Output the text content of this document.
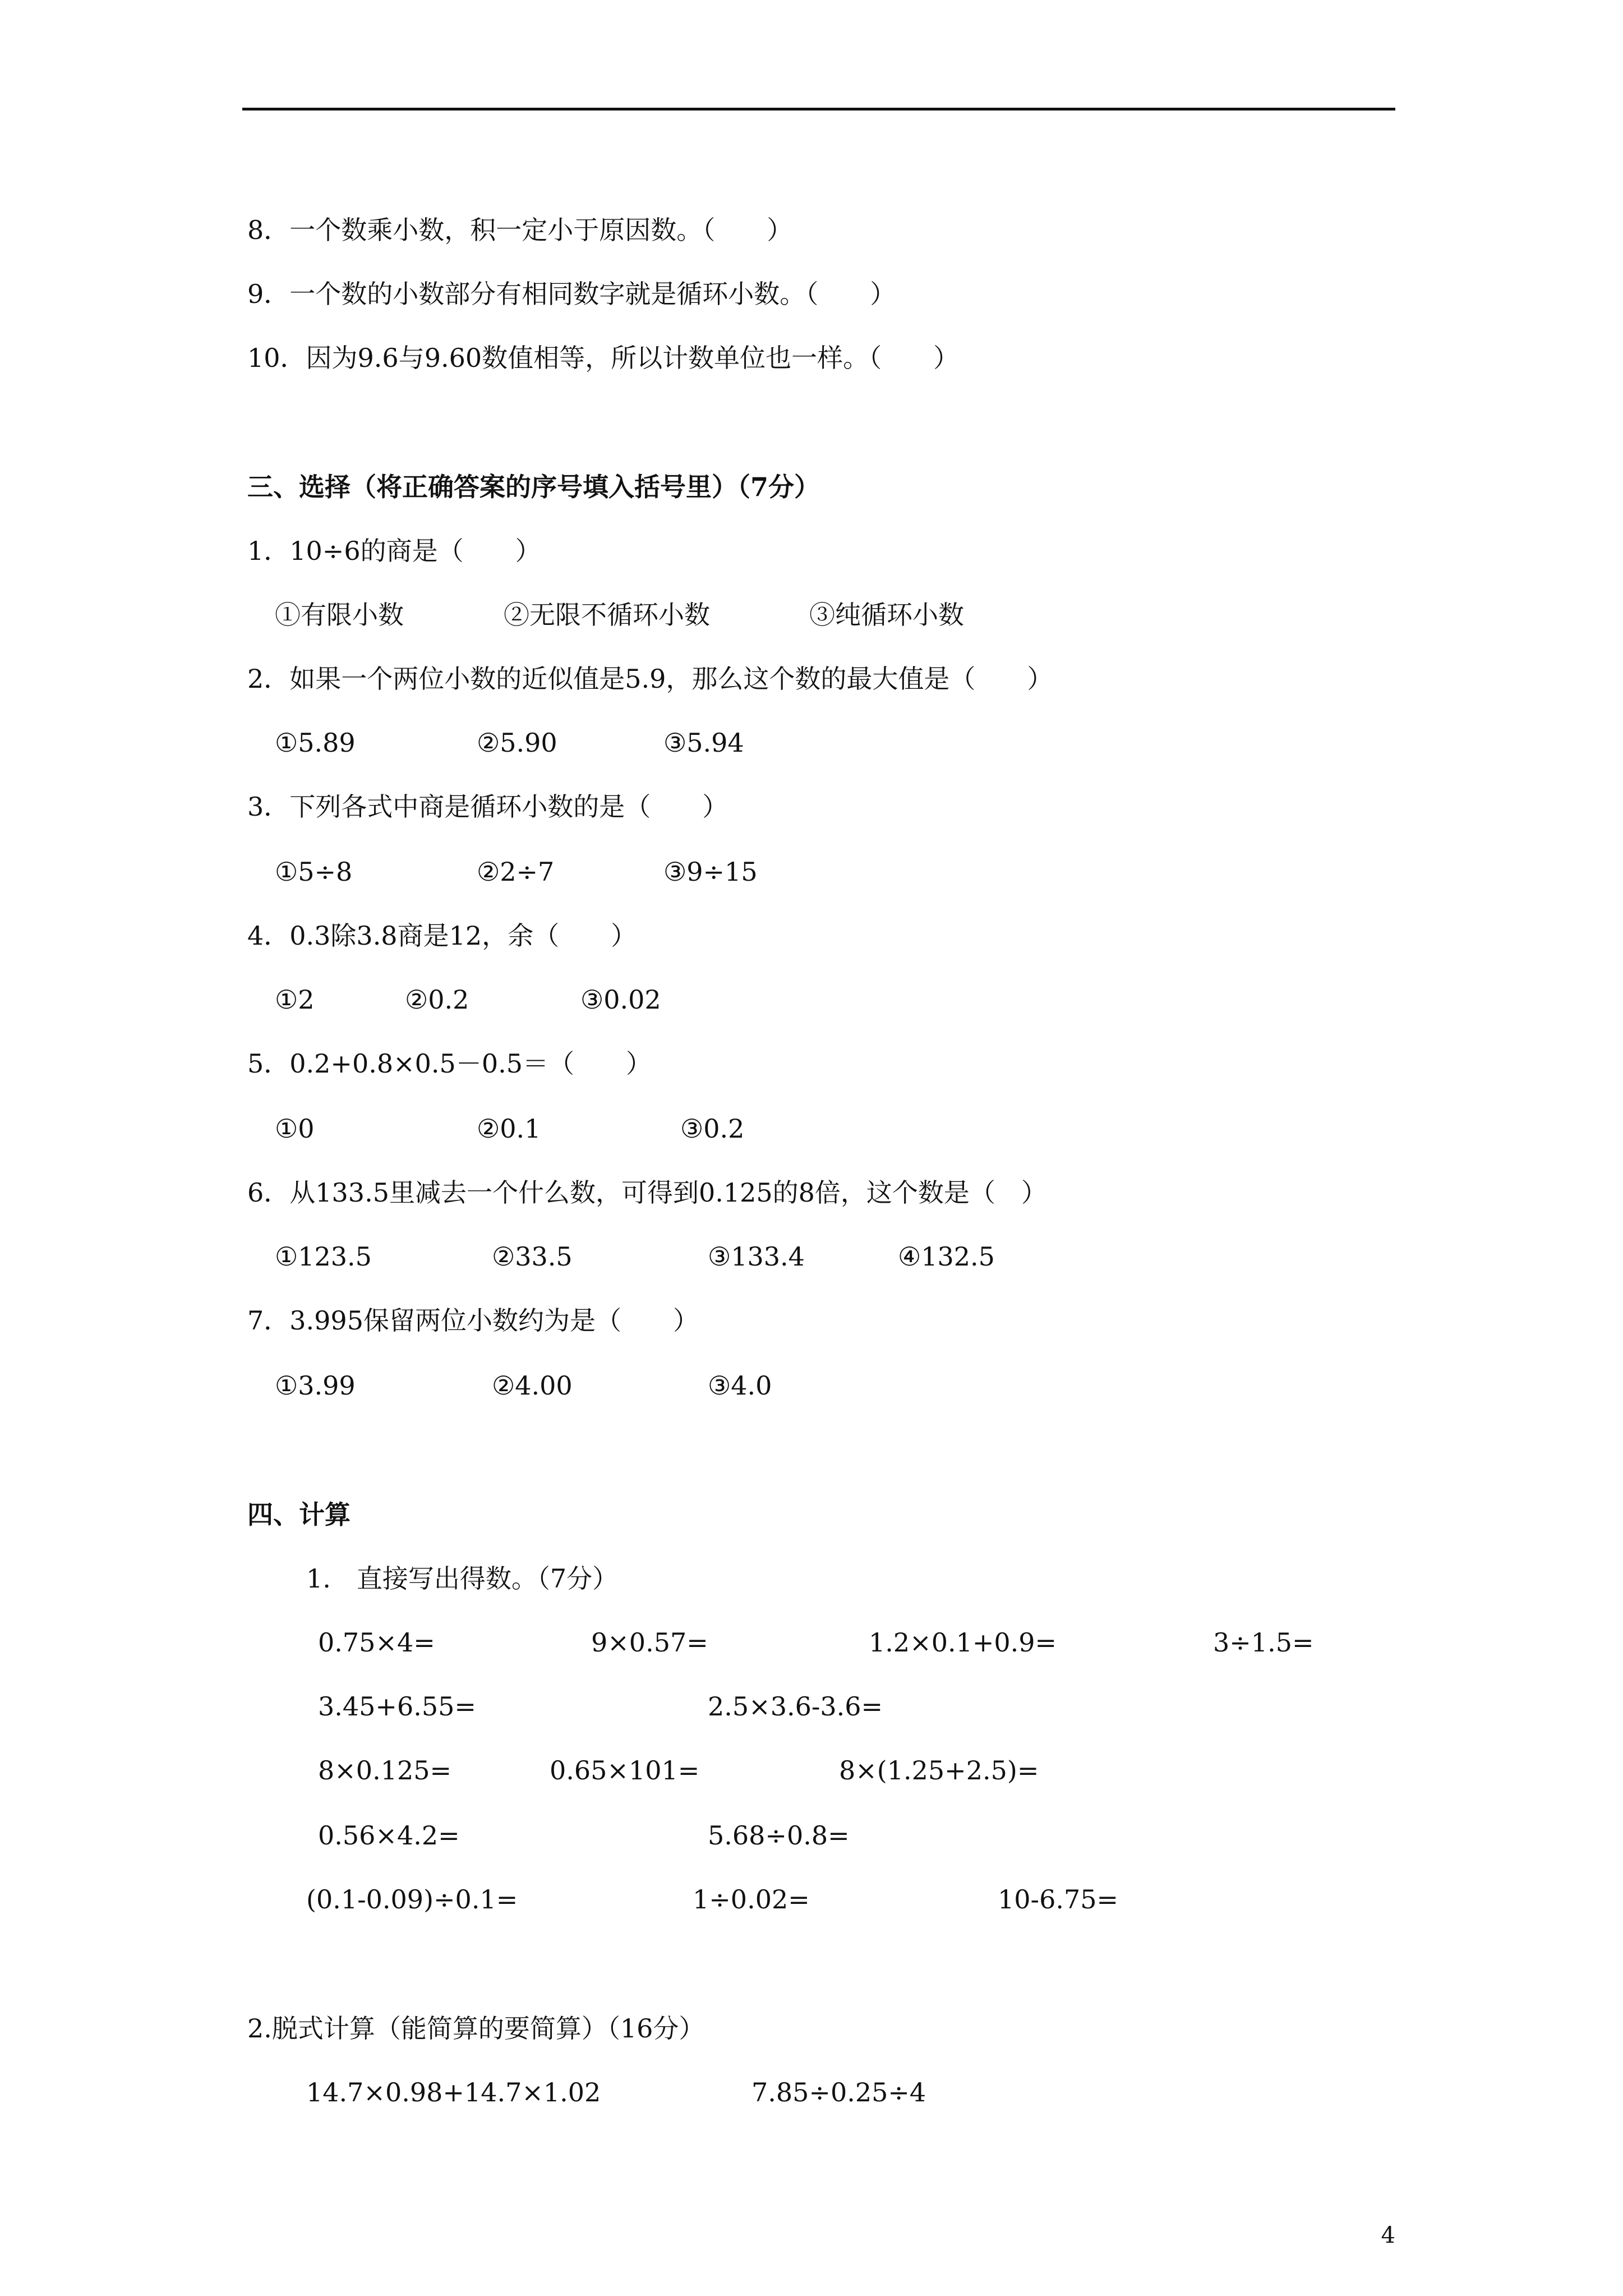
8．一个数乘小数，积一定小于原因数。（　　）
9．一个数的小数部分有相同数字就是循环小数。（　　）
10．因为9.6与9.60数值相等，所以计数单位也一样。（　　）
三、选择（将正确答案的序号填入括号里）（7分）
1．10÷6的商是（　　）
①有限小数	②无限不循环小数	③纯循环小数
2．如果一个两位小数的近似值是5.9，那么这个数的最大值是（　　）
①5.89	②5.90	③5.94
3．下列各式中商是循环小数的是（　　）
①5÷8	②2÷7	③9÷15
4．0.3除3.8商是12，余（　　）
①2	②0.2	③0.02
5．0.2+0.8×0.5－0.5＝（　　）
①0	②0.1	③0.2
6．从133.5里减去一个什么数，可得到0.125的8倍，这个数是（　）
①123.5	②33.5	③133.4	④132.5
7．3.995保留两位小数约为是（　　）
①3.99	②4.00	③4.0
四、计算
1.　直接写出得数。（7分）
0.75×4=	9×0.57=	1.2×0.1+0.9=	3÷1.5=
3.45+6.55=	2.5×3.6-3.6=
8×0.125=	0.65×101=	8×(1.25+2.5)=
0.56×4.2=	5.68÷0.8=
(0.1-0.09)÷0.1=	1÷0.02=	10-6.75=
2.脱式计算（能简算的要简算）（16分）
14.7×0.98+14.7×1.02	7.85÷0.25÷4
4
